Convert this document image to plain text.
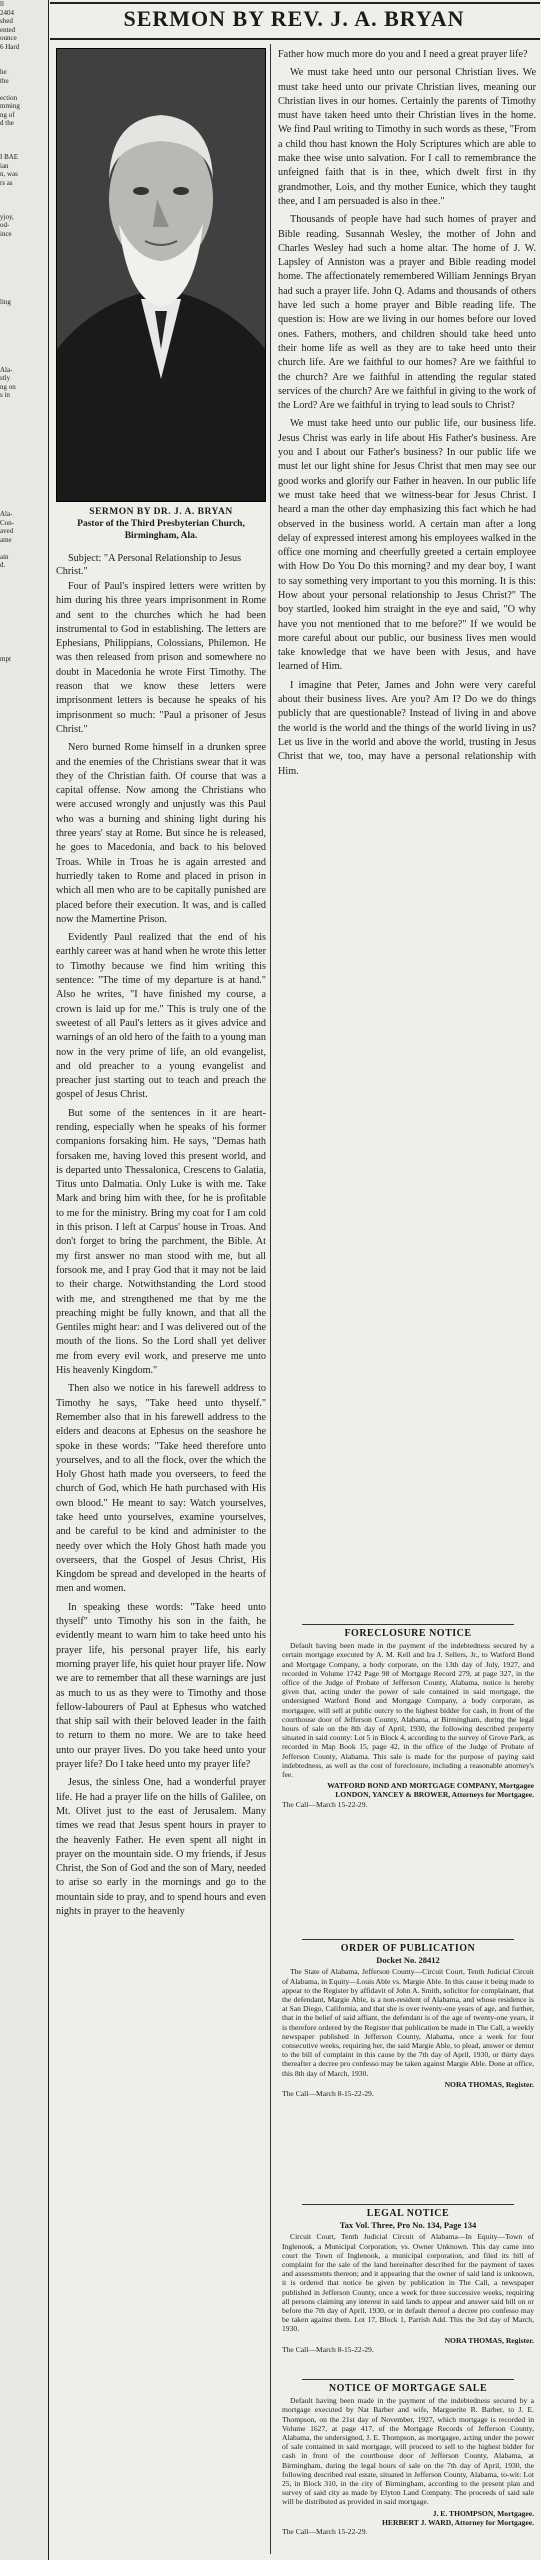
ll
2404
shed
ented
ounce
6 Hard

he
the

ection
mming
ng of
d the

I BAE
ian
n, was
rs as

yjoy,
od-
ince

ling

Ala-
stly
ng on
s in

Ala-
Con-
aved
ame

ain
d.

mpt

SERMON BY REV. J. A. BRYAN
SERMON BY DR. J. A. BRYAN
Pastor of the Third Presbyterian Church, Birmingham, Ala.
Subject: "A Personal Relationship to Jesus Christ."

Four of Paul's inspired letters were written by him during his three years imprisonment in Rome and sent to the churches which he had been instrumental to God in establishing. The letters are Ephesians, Philippians, Colossians, Philemon. He was then released from prison and somewhere no doubt in Macedonia he wrote First Timothy. The reason that we know these letters were imprisonment letters is because he speaks of his imprisonment so much: "Paul a prisoner of Jesus Christ."

Nero burned Rome himself in a drunken spree and the enemies of the Christians swear that it was they of the Christian faith. Of course that was a capital offense. Now among the Christians who were accused wrongly and unjustly was this Paul who was a burning and shining light during his three years' stay at Rome. But since he is released, he goes to Macedonia, and back to his beloved Troas. While in Troas he is again arrested and hurriedly taken to Rome and placed in prison in which all men who are to be capitally punished are placed before their execution. It was, and is called now the Mamertine Prison.

Evidently Paul realized that the end of his earthly career was at hand when he wrote this letter to Timothy because we find him writing this sentence: "The time of my departure is at hand." Also he writes, "I have finished my course, a crown is laid up for me." This is truly one of the sweetest of all Paul's letters as it gives advice and warnings of an old hero of the faith to a young man now in the very prime of life, an old evangelist, and old preacher to a young evangelist and preacher just starting out to teach and preach the gospel of Jesus Christ.

But some of the sentences in it are heart-rending, especially when he speaks of his former companions forsaking him. He says, "Demas hath forsaken me, having loved this present world, and is departed unto Thessalonica, Crescens to Galatia, Titus unto Dalmatia. Only Luke is with me. Take Mark and bring him with thee, for he is profitable to me for the ministry. Bring my coat for I am cold in this prison. I left at Carpus' house in Troas. And don't forget to bring the parchment, the Bible. At my first answer no man stood with me, but all forsook me, and I pray God that it may not be laid to their charge. Notwithstanding the Lord stood with me, and strengthened me that by me the preaching might be fully known, and that all the Gentiles might hear: and I was delivered out of the mouth of the lions. So the Lord shall yet deliver me from every evil work, and preserve me unto His heavenly Kingdom."

Then also we notice in his farewell address to Timothy he says, "Take heed unto thyself." Remember also that in his farewell address to the elders and deacons at Ephesus on the seashore he spoke in these words: "Take heed therefore unto yourselves, and to all the flock, over the which the Holy Ghost hath made you overseers, to feed the church of God, which He hath purchased with His own blood." He meant to say: Watch yourselves, take heed unto yourselves, examine yourselves, and be careful to be kind and administer to the needy over which the Holy Ghost hath made you overseers, that the Gospel of Jesus Christ, His Kingdom be spread and developed in the hearts of men and women.

In speaking these words: "Take heed unto thyself" unto Timothy his son in the faith, he evidently meant to warn him to take heed unto his prayer life, his personal prayer life, his early morning prayer life, his quiet hour prayer life. Now we are to remember that all these warnings are just as much to us as they were to Timothy and those fellow-labourers of Paul at Ephesus who watched that ship sail with their beloved leader in the faith to return to them no more. We are to take heed unto our prayer lives. Do you take heed unto your prayer life? Do I take heed unto my prayer life?

Jesus, the sinless One, had a wonderful prayer life. He had a prayer life on the hills of Galilee, on Mt. Olivet just to the east of Jerusalem. Many times we read that Jesus spent hours in prayer to the heavenly Father. He even spent all night in prayer on the mountain side. O my friends, if Jesus Christ, the Son of God and the son of Mary, needed to arise so early in the mornings and go to the mountain side to pray, and to spend hours and even nights in prayer to the heavenly

Father how much more do you and I need a great prayer life?

We must take heed unto our personal Christian lives. We must take heed unto our private Christian lives, meaning our Christian lives in our homes. Certainly the parents of Timothy must have taken heed unto their Christian lives in the home. We find Paul writing to Timothy in such words as these, "From a child thou hast known the Holy Scriptures which are able to make thee wise unto salvation. For I call to remembrance the unfeigned faith that is in thee, which dwelt first in thy grandmother, Lois, and thy mother Eunice, which they taught thee, and I am persuaded is also in thee."

Thousands of people have had such homes of prayer and Bible reading. Susannah Wesley, the mother of John and Charles Wesley had such a home altar. The home of J. W. Lapsley of Anniston was a prayer and Bible reading model home. The affectionately remembered William Jennings Bryan had such a prayer life. John Q. Adams and thousands of others have led such a home prayer and Bible reading life. The question is: How are we living in our homes before our loved ones. Fathers, mothers, and children should take heed unto their home life as well as they are to take heed unto their church life. Are we faithful to our homes? Are we faithful to the church? Are we faithful in attending the regular stated services of the church? Are we faithful in giving to the work of the Lord? Are we faithful in trying to lead souls to Christ?

We must take heed unto our public life, our business life. Jesus Christ was early in life about His Father's business. Are you and I about our Father's business? In our public life we must let our light shine for Jesus Christ that men may see our good works and glorify our Father in heaven. In our public life we must take heed that we witness-bear for Jesus Christ. I heard a man the other day emphasizing this fact which he had observed in the business world. A certain man after a long delay of expressed interest among his employees walked in the office one morning and cheerfully greeted a certain employee with How Do You Do this morning? and my dear boy, I want to say something very important to you this morning. It is this: How about your personal relationship to Jesus Christ?" The boy startled, looked him straight in the eye and said, "O why have you not mentioned that to me before?" If we would be more careful about our public, our business lives men would take knowledge that we have been with Jesus, and have learned of Him.

I imagine that Peter, James and John were very careful about their business lives. Are you? Am I? Do we do things publicly that are questionable? Instead of living in and above the world is the world and the things of the world living in us? Let us live in the world and above the world, trusting in Jesus Christ that we, too, may have a personal relationship with Him.

FORECLOSURE NOTICE

Default having been made in the payment of the indebtedness secured by a certain mortgage executed by A. M. Kell and Ira J. Sellers, Jr., to Watford Bond and Mortgage Company, a body corporate, on the 13th day of July, 1927, and recorded in Volume 1742 Page 98 of Mortgage Record 279, at page 327, in the office of the Judge of Probate of Jefferson County, Alabama, notice is hereby given that, acting under the power of sale contained in said mortgage, the undersigned Watford Bond and Mortgage Company, a body corporate, as mortgagee, will sell at public outcry to the highest bidder for cash, in front of the courthouse door of Jefferson County, Alabama, at Birmingham, during the legal hours of sale on the 8th day of April, 1930, the following described property situated in said county: Lot 5 in Block 4, according to the survey of Grove Park, as recorded in Map Book 15, page 42, in the office of the Judge of Probate of Jefferson County, Alabama. This sale is made for the purpose of paying said indebtedness, as well as the cost of foreclosure, including a reasonable attorney's fee.

WATFORD BOND AND MORTGAGE COMPANY, Mortgagee
LONDON, YANCEY & BROWER, Attorneys for Mortgagee.
The Call—March 15-22-29.
ORDER OF PUBLICATION
Docket No. 28412

The State of Alabama, Jefferson County—Circuit Court, Tenth Judicial Circuit of Alabama, in Equity—Louis Able vs. Margie Able. In this cause it being made to appear to the Register by affidavit of John A. Smith, solicitor for complainant, that the defendant, Margie Able, is a non-resident of Alabama, and whose residence is at San Diego, California, and that she is over twenty-one years of age, and further, that in the belief of said affiant, the defendant is of the age of twenty-one years, it is therefore ordered by the Register that publication be made in The Call, a weekly newspaper published in Jefferson County, Alabama, once a week for four consecutive weeks, requiring her, the said Margie Able, to plead, answer or demur to the bill of complaint in this cause by the 7th day of April, 1930, or thirty days thereafter a decree pro confesso may be taken against Margie Able. Done at office, this 8th day of March, 1930.

NORA THOMAS, Register.
The Call—March 8-15-22-29.
LEGAL NOTICE
Tax Vol. Three, Pro No. 134, Page 134

Circuit Court, Tenth Judicial Circuit of Alabama—In Equity—Town of Inglenook, a Municipal Corporation, vs. Owner Unknown. This day came into court the Town of Inglenook, a municipal corporation, and filed its bill of complaint for the sale of the land hereinafter described for the payment of taxes and assessments thereon; and it appearing that the owner of said land is unknown, it is ordered that notice be given by publication in The Call, a newspaper published in Jefferson County, once a week for three successive weeks, requiring all persons claiming any interest in said lands to appear and answer said bill on or before the 7th day of April, 1930, or in default thereof a decree pro confesso may be taken against them. Lot 17, Block 1, Parrish Add. This the 3rd day of March, 1930.

NORA THOMAS, Register.
The Call—March 8-15-22-29.
NOTICE OF MORTGAGE SALE

Default having been made in the payment of the indebtedness secured by a mortgage executed by Nat Barber and wife, Marguerite R. Barber, to J. E. Thompson, on the 21st day of November, 1927, which mortgage is recorded in Volume 1627, at page 417, of the Mortgage Records of Jefferson County, Alabama, the undersigned, J. E. Thompson, as mortgagee, acting under the power of sale contained in said mortgage, will proceed to sell to the highest bidder for cash in front of the courthouse door of Jefferson County, Alabama, at Birmingham, during the legal hours of sale on the 7th day of April, 1930, the following described real estate, situated in Jefferson County, Alabama, to-wit: Lot 25, in Block 310, in the city of Birmingham, according to the present plan and survey of said city as made by Elyton Land Company. The proceeds of said sale will be distributed as provided in said mortgage.

J. E. THOMPSON, Mortgagee.
HERBERT J. WARD, Attorney for Mortgagee.
The Call—March 15-22-29.
